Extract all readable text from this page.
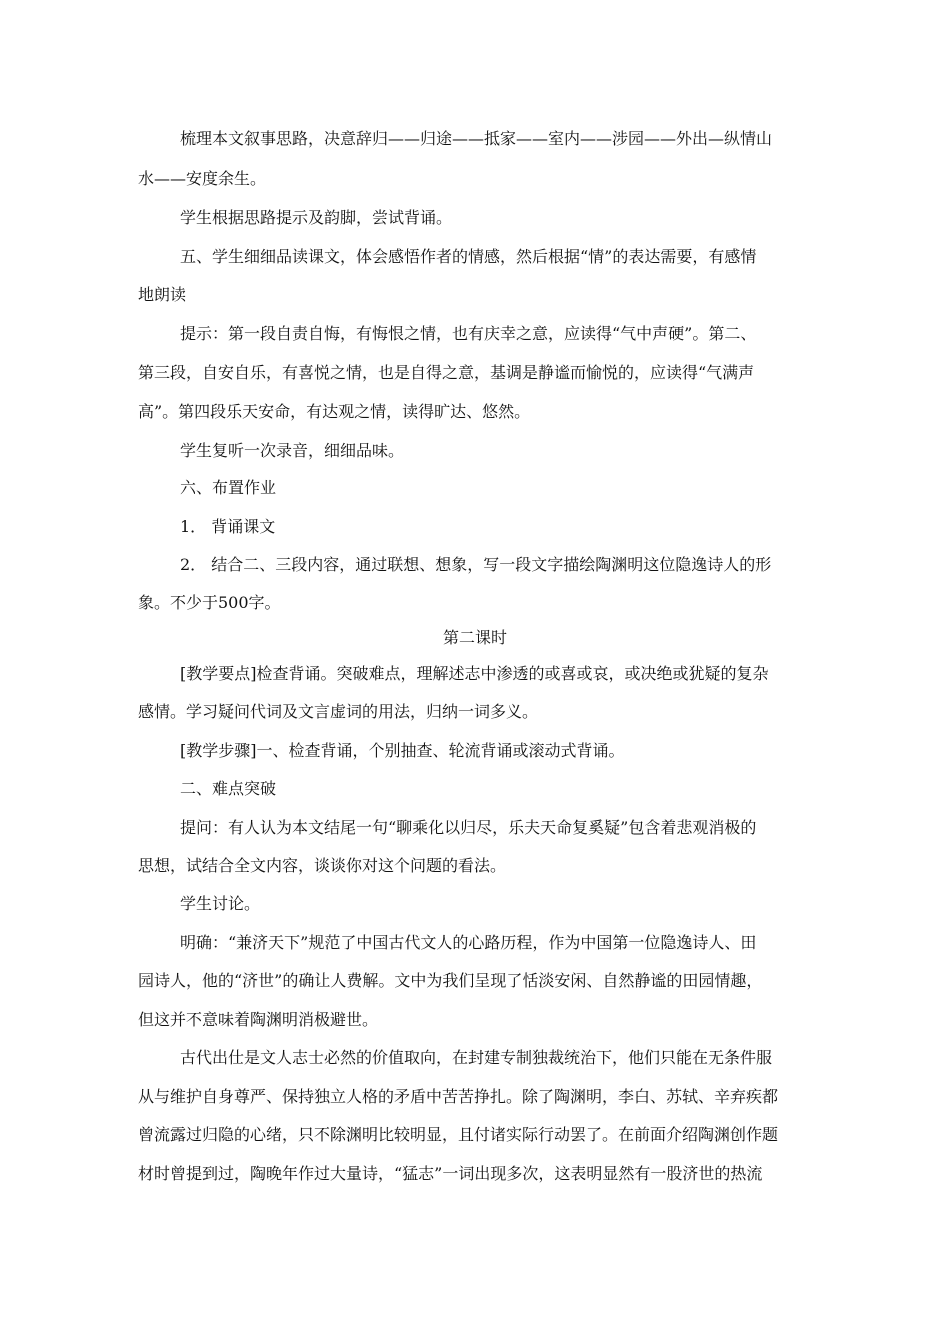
梳理本文叙事思路，决意辞归——归途——抵家——室内——涉园——外出—纵情山
水——安度余生。
学生根据思路提示及韵脚，尝试背诵。
五、学生细细品读课文，体会感悟作者的情感，然后根据“情”的表达需要，有感情
地朗读
提示：第一段自责自悔，有悔恨之情，也有庆幸之意，应读得“气中声硬”。第二、
第三段，自安自乐，有喜悦之情，也是自得之意，基调是静谧而愉悦的，应读得“气满声
高”。第四段乐天安命，有达观之情，读得旷达、悠然。
学生复听一次录音，细细品味。
六、布置作业
1． 背诵课文
2． 结合二、三段内容，通过联想、想象，写一段文字描绘陶渊明这位隐逸诗人的形
象。不少于500字。
第二课时
[教学要点]检查背诵。突破难点，理解述志中渗透的或喜或哀，或决绝或犹疑的复杂
感情。学习疑问代词及文言虚词的用法，归纳一词多义。
[教学步骤]一、检查背诵，个别抽查、轮流背诵或滚动式背诵。
二、难点突破
提问：有人认为本文结尾一句“聊乘化以归尽，乐夫天命复奚疑”包含着悲观消极的
思想，试结合全文内容，谈谈你对这个问题的看法。
学生讨论。
明确：“兼济天下”规范了中国古代文人的心路历程，作为中国第一位隐逸诗人、田
园诗人，他的“济世”的确让人费解。文中为我们呈现了恬淡安闲、自然静谧的田园情趣，
但这并不意味着陶渊明消极避世。
古代出仕是文人志士必然的价值取向，在封建专制独裁统治下，他们只能在无条件服
从与维护自身尊严、保持独立人格的矛盾中苦苦挣扎。除了陶渊明，李白、苏轼、辛弃疾都
曾流露过归隐的心绪，只不除渊明比较明显，且付诸实际行动罢了。在前面介绍陶渊创作题
材时曾提到过，陶晚年作过大量诗，“猛志”一词出现多次，这表明显然有一股济世的热流
